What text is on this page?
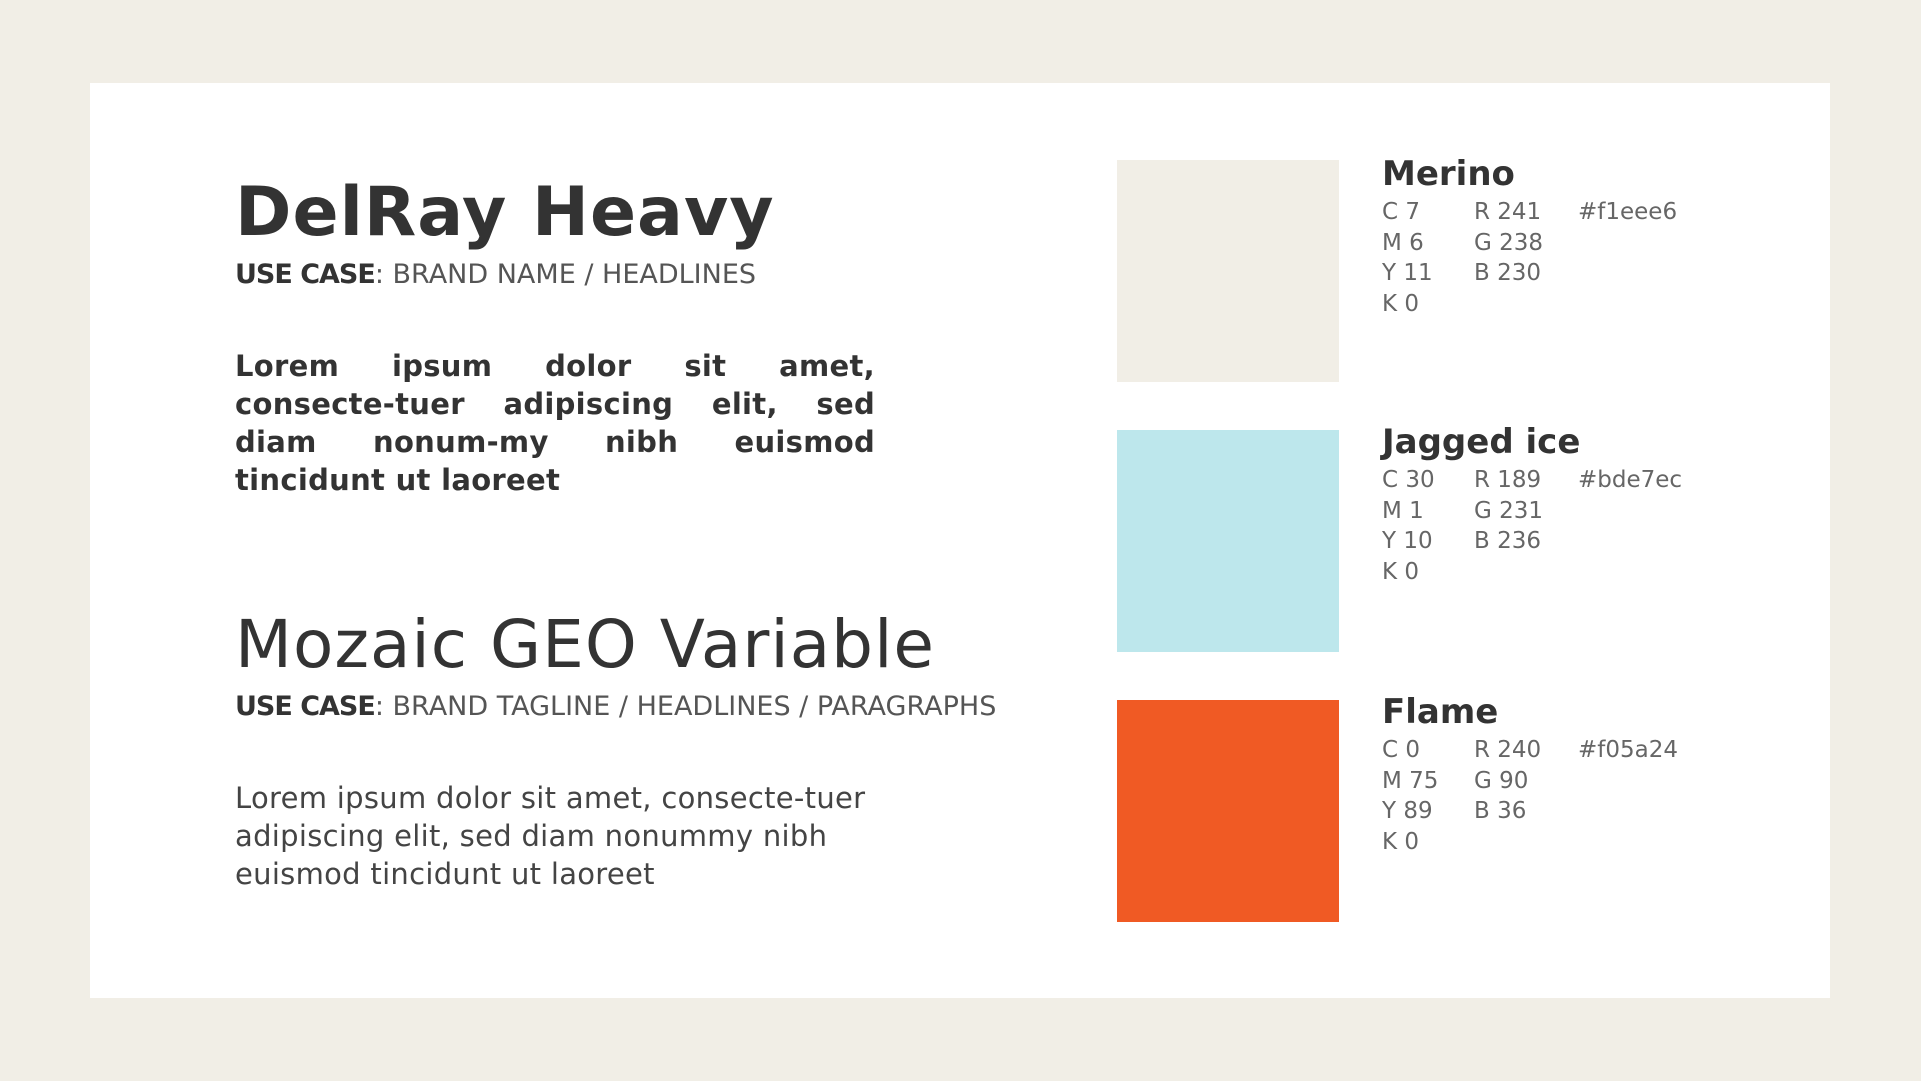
DelRay Heavy
USE CASE: BRAND NAME / HEADLINES
Lorem ipsum dolor sit amet, consecte-tuer adipiscing elit, sed diam nonum-my nibh euismod tincidunt ut laoreet
Mozaic GEO Variable
USE CASE: BRAND TAGLINE / HEADLINES / PARAGRAPHS
Lorem ipsum dolor sit amet, consecte-tuer adipiscing elit, sed diam nonummy nibh euismod tincidunt ut laoreet
Merino
C 7
M 6
Y 11
K 0
R 241
G 238
B 230
#f1eee6
Jagged ice
C 30
M 1
Y 10
K 0
R 189
G 231
B 236
#bde7ec
Flame
C 0
M 75
Y 89
K 0
R 240
G 90
B 36
#f05a24
